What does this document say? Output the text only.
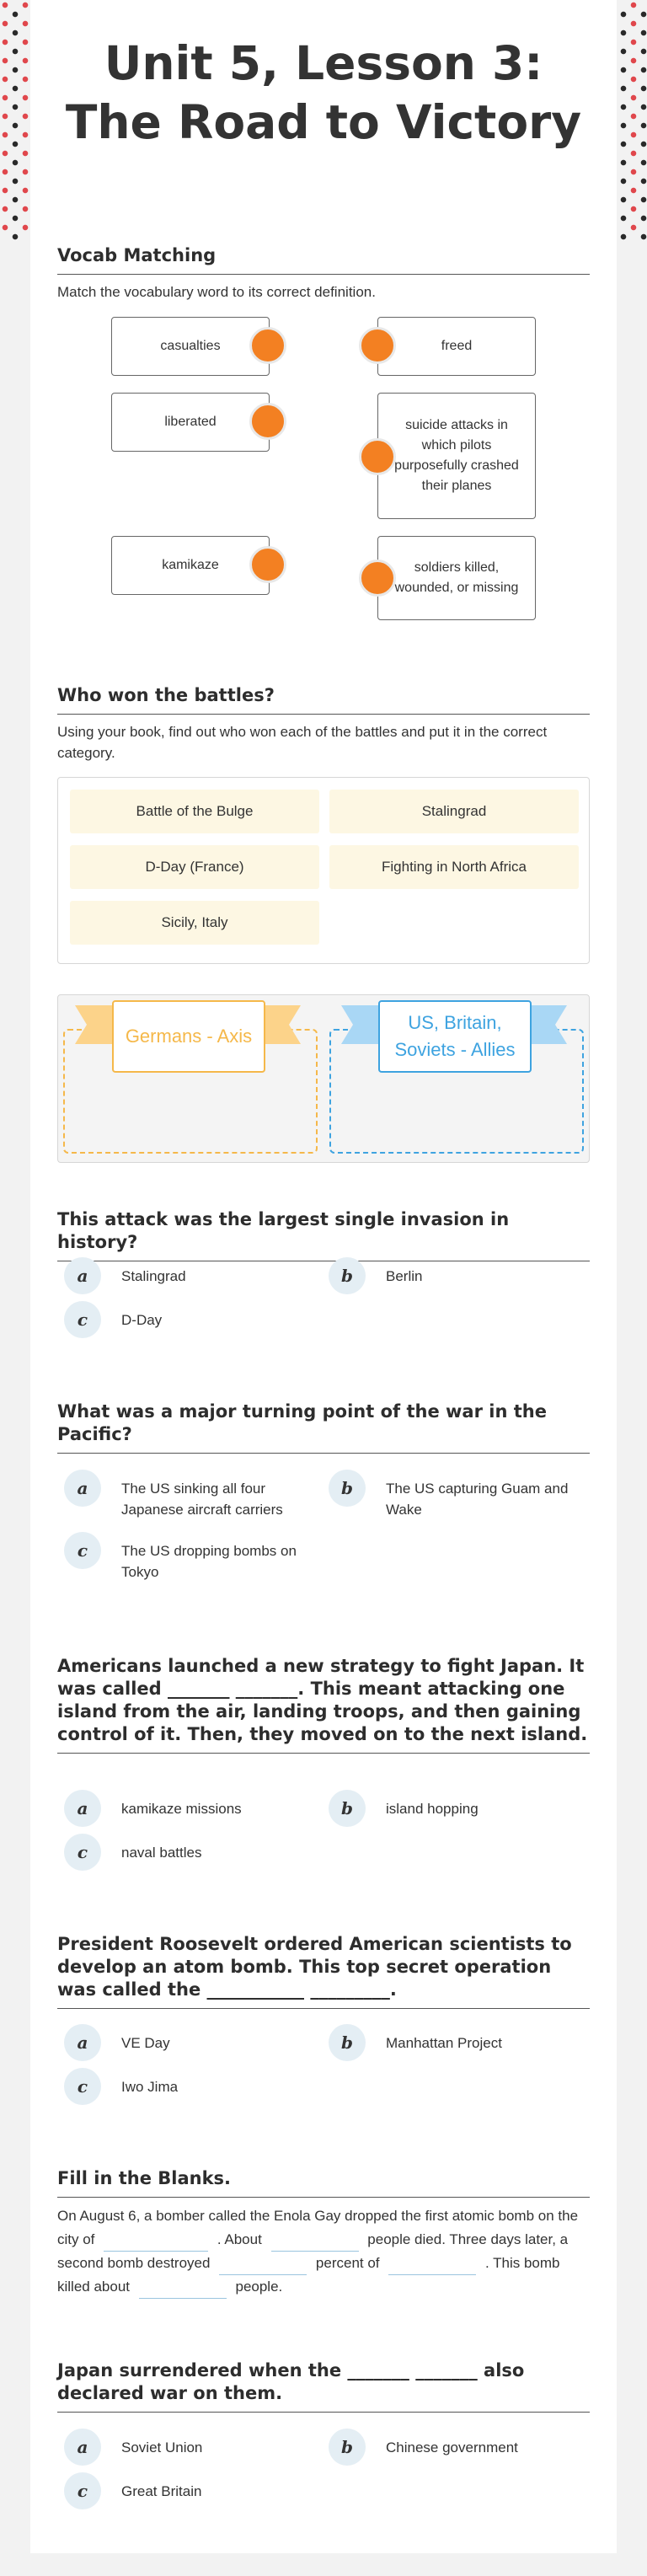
Unit 5, Lesson 3: The Road to Victory
Vocab Matching
Match the vocabulary word to its correct definition.
casualties	freed
liberated	suicide attacks in which pilots purposefully crashed their planes
kamikaze	soldiers killed, wounded, or missing
Who won the battles?
Using your book, find out who won each of the battles and put it in the correct category.
Battle of the Bulge	Stalingrad
D-Day (France)	Fighting in North Africa
Sicily, Italy
Germans - Axis
US, Britain, Soviets - Allies
This attack was the largest single invasion in history?
a	Stalingrad	b	Berlin
c	D-Day
What was a major turning point of the war in the Pacific?
a	The US sinking all four Japanese aircraft carriers
b	The US capturing Guam and Wake
c	The US dropping bombs on Tokyo
Americans launched a new strategy to fight Japan. It was called _______ _______. This meant attacking one island from the air, landing troops, and then gaining control of it. Then, they moved on to the next island.
a	kamikaze missions	b	island hopping
c	naval battles
President Roosevelt ordered American scientists to develop an atom bomb. This top secret operation was called the ___________ _________.
a	VE Day	b	Manhattan Project
c	Iwo Jima
Fill in the Blanks.
On August 6, a bomber called the Enola Gay dropped the first atomic bomb on the city of	. About	people died. Three days later, a second bomb destroyed	percent of	. This bomb killed about	people.
Japan surrendered when the _______ _______ also declared war on them.
a	Soviet Union	b	Chinese government
c	Great Britain
